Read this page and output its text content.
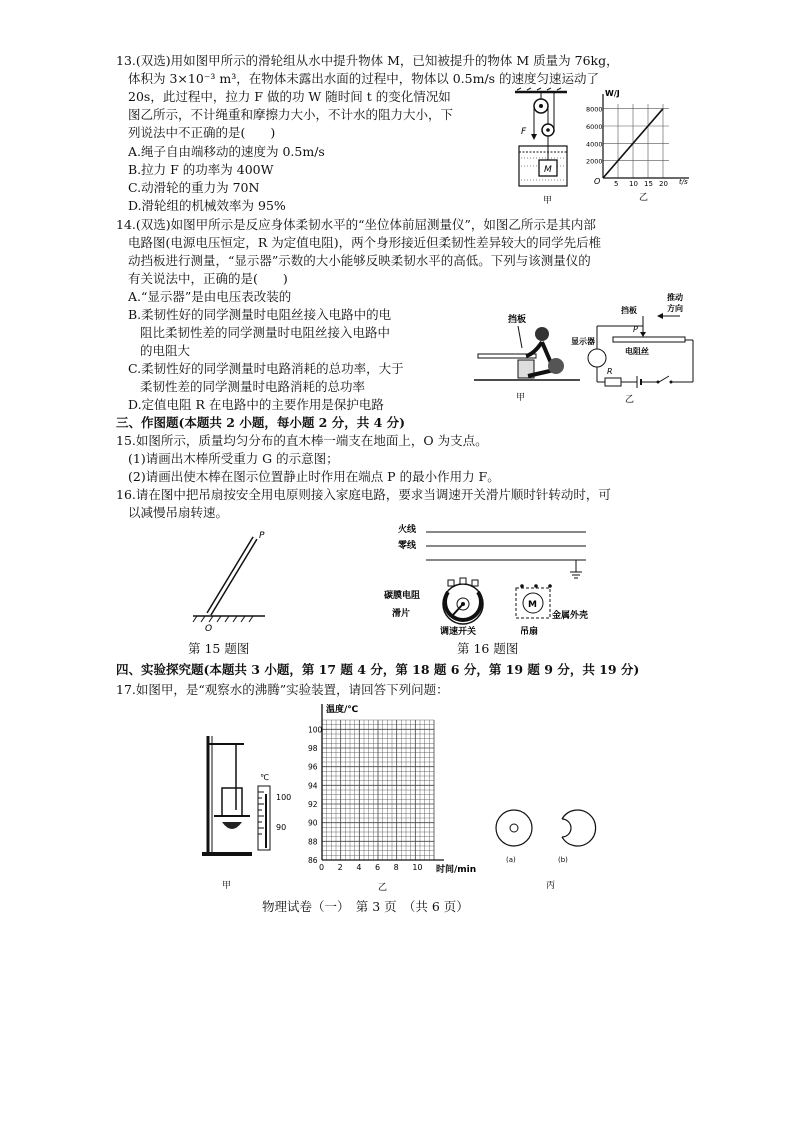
13.(双选)用如图甲所示的滑轮组从水中提升物体 M，已知被提升的物体 M 质量为 76kg，
体积为 3×10⁻³ m³，在物体未露出水面的过程中，物体以 0.5m/s 的速度匀速运动了
20s，此过程中，拉力 F 做的功 W 随时间 t 的变化情况如
图乙所示，不计绳重和摩擦力大小，不计水的阻力大小，下
列说法中不正确的是(　　)
A.绳子自由端移动的速度为 0.5m/s
B.拉力 F 的功率为 400W
C.动滑轮的重力为 70N
D.滑轮组的机械效率为 95%
F
M
甲
W/J
t/s
O
乙
5 10 15 20
2000
4000
6000
8000
14.(双选)如图甲所示是反应身体柔韧水平的“坐位体前屈测量仪”，如图乙所示是其内部
电路图(电源电压恒定，R 为定值电阻)，两个身形接近但柔韧性差异较大的同学先后椎
动挡板进行测量，“显示器”示数的大小能够反映柔韧水平的高低。下列与该测量仪的
有关说法中，正确的是(　　)
A.“显示器”是由电压表改装的
B.柔韧性好的同学测量时电阻丝接入电路中的电
阻比柔韧性差的同学测量时电阻丝接入电路中
的电阻大
C.柔韧性好的同学测量时电路消耗的总功率，大于
柔韧性差的同学测量时电路消耗的总功率
D.定值电阻 R 在电路中的主要作用是保护电路
挡板
甲
推动
方向
挡板
P
电阻丝
显示器
R
乙
三、作图题(本题共 2 小题，每小题 2 分，共 4 分)
15.如图所示，质量均匀分布的直木棒一端支在地面上，O 为支点。
(1)请画出木棒所受重力 G 的示意图；
(2)请画出使木棒在图示位置静止时作用在端点 P 的最小作用力 F。
16.请在图中把吊扇按安全用电原则接入家庭电路，要求当调速开关滑片顺时针转动时，可
以减慢吊扇转速。
P
O
第 15 题图
火线
零线
碳膜电阻
滑片
调速开关
M
吊扇
金属外壳
第 16 题图
四、实验探究题(本题共 3 小题，第 17 题 4 分，第 18 题 6 分，第 19 题 9 分，共 19 分)
17.如图甲，是“观察水的沸腾”实验装置，请回答下列问题：
℃
100
90
甲
温度/℃
时间/min
乙
0 2 4 6 8 10
86
88
90
92
94
96
98
100
(a)	(b)
丙
物理试卷（一）　第 3 页　（共 6 页）
